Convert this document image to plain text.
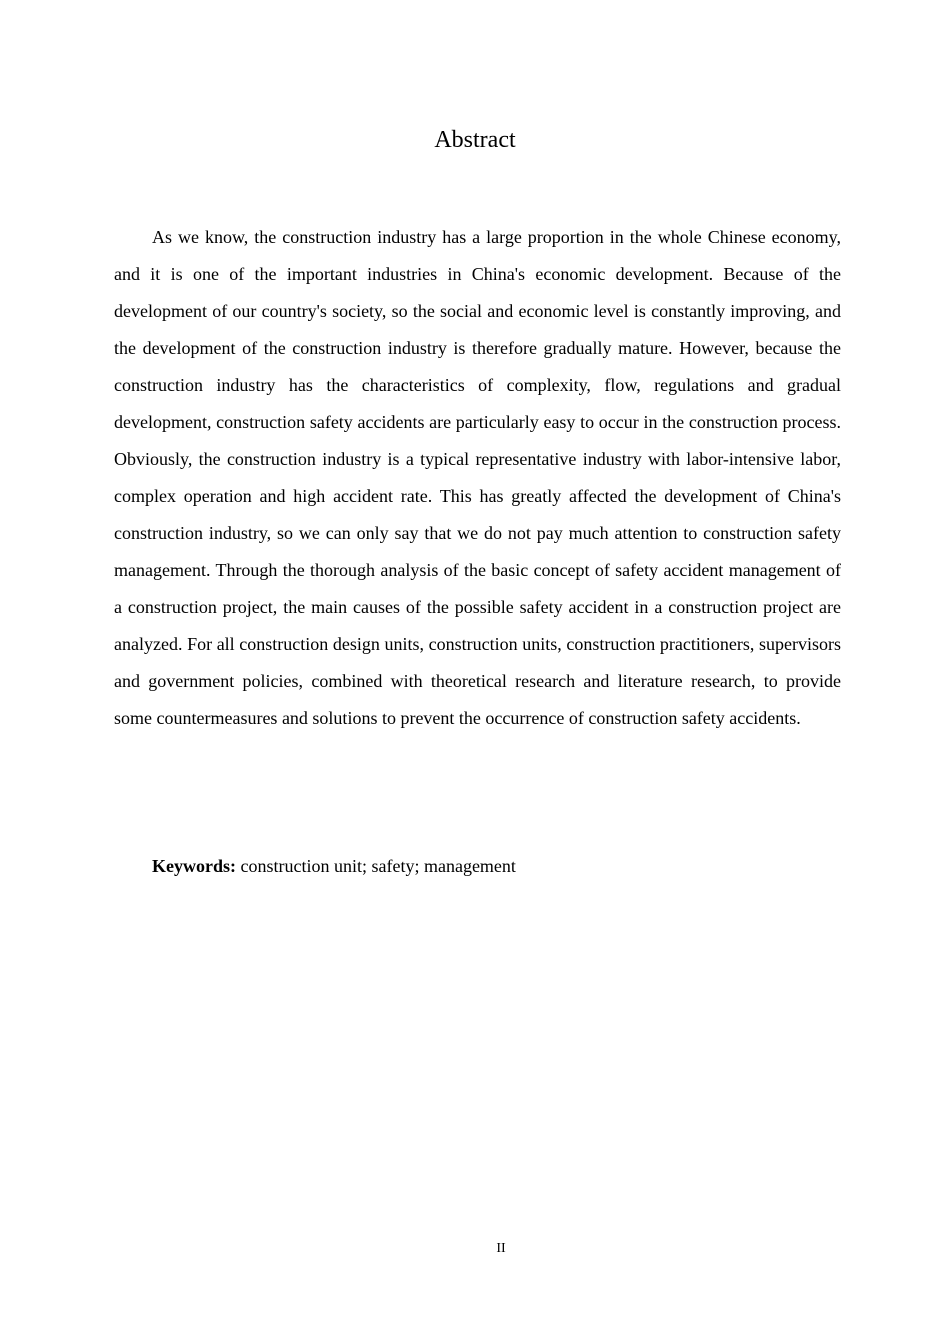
Abstract

As we know, the construction industry has a large proportion in the whole Chinese economy, and it is one of the important industries in China's economic development. Because of the development of our country's society, so the social and economic level is constantly improving, and the development of the construction industry is therefore gradually mature. However, because the construction industry has the characteristics of complexity, flow, regulations and gradual development, construction safety accidents are particularly easy to occur in the construction process. Obviously, the construction industry is a typical representative industry with labor-intensive labor, complex operation and high accident rate. This has greatly affected the development of China's construction industry, so we can only say that we do not pay much attention to construction safety management. Through the thorough analysis of the basic concept of safety accident management of a construction project, the main causes of the possible safety accident in a construction project are analyzed. For all construction design units, construction units, construction practitioners, supervisors and government policies, combined with theoretical research and literature research, to provide some countermeasures and solutions to prevent the occurrence of construction safety accidents.

Keywords: construction unit; safety; management

II
